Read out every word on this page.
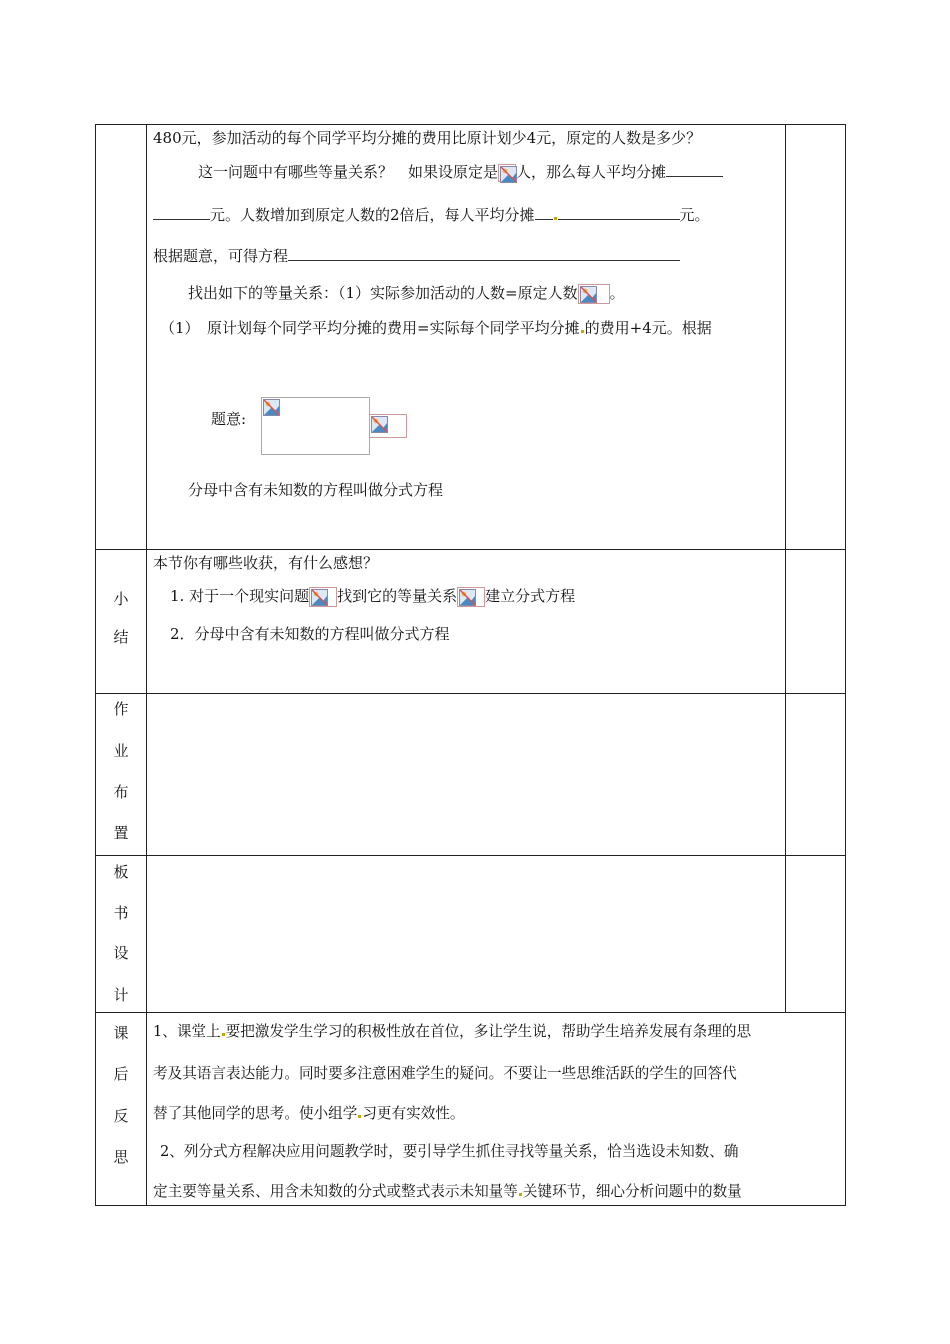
480元，参加活动的每个同学平均分摊的费用比原计划少4元，原定的人数是多少？
这一问题中有哪些等量关系？　如果设原定是 人，那么每人平均分摊
元。人数增加到原定人数的2倍后，每人平均分摊	元。
根据题意，可得方程
找出如下的等量关系：（1）实际参加活动的人数=原定人数 。
（1）　原计划每个同学平均分摊的费用=实际每个同学平均分摊 的费用+4元。根据
题意:
分母中含有未知数的方程叫做分式方程
小
结
本节你有哪些收获，有什么感想？
1. 对于一个现实问题 找到它的等量关系 建立分式方程
2．分母中含有未知数的方程叫做分式方程
作
业
布
置
板
书
设
计
课
后
反
思
1、课堂上 要把激发学生学习的积极性放在首位，多让学生说，帮助学生培养发展有条理的思
考及其语言表达能力。同时要多注意困难学生的疑问。不要让一些思维活跃的学生的回答代
替了其他同学的思考。使小组学 习更有实效性。
2、列分式方程解决应用问题教学时，要引导学生抓住寻找等量关系，恰当选设未知数、确
定主要等量关系、用含未知数的分式或整式表示未知量等 关键环节，细心分析问题中的数量
